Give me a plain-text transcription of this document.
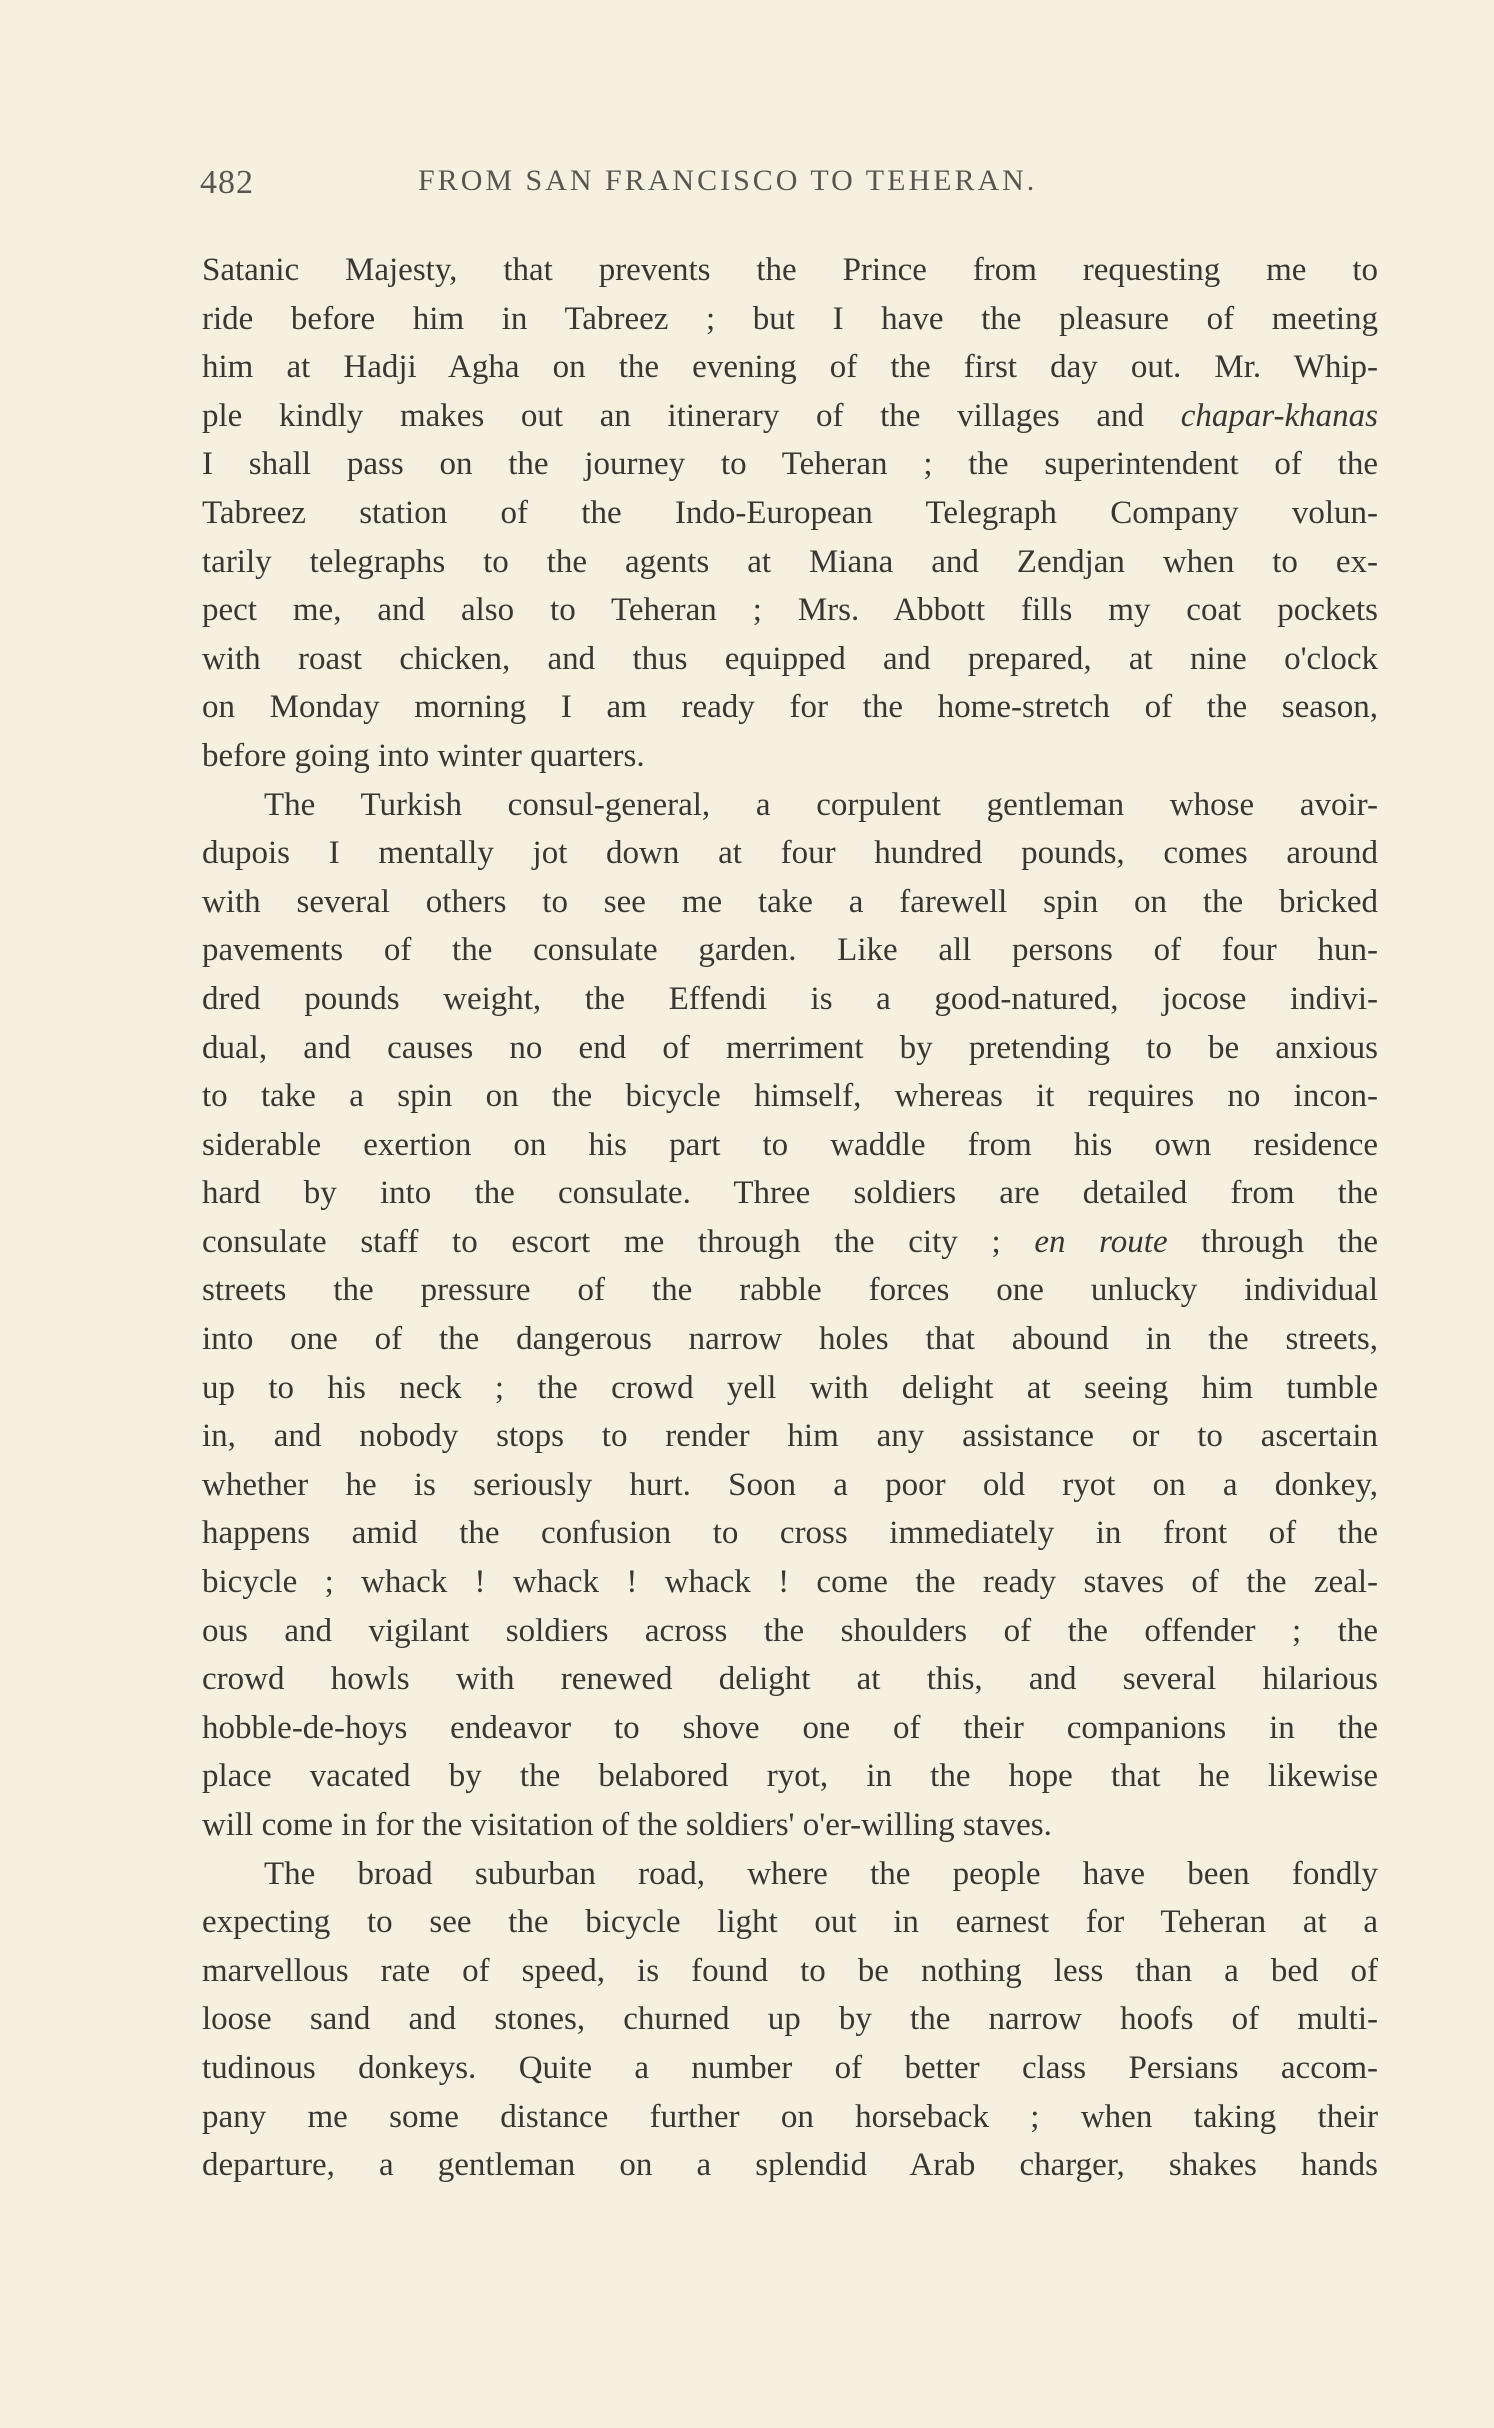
482	FROM SAN FRANCISCO TO TEHERAN.
Satanic Majesty, that prevents the Prince from requesting me to
ride before him in Tabreez ; but I have the pleasure of meeting
him at Hadji Agha on the evening of the first day out. Mr. Whip-
ple kindly makes out an itinerary of the villages and chapar-khanas
I shall pass on the journey to Teheran ; the superintendent of the
Tabreez station of the Indo-European Telegraph Company volun-
tarily telegraphs to the agents at Miana and Zendjan when to ex-
pect me, and also to Teheran ; Mrs. Abbott fills my coat pockets
with roast chicken, and thus equipped and prepared, at nine o'clock
on Monday morning I am ready for the home-stretch of the season,
before going into winter quarters.
The Turkish consul-general, a corpulent gentleman whose avoir-
dupois I mentally jot down at four hundred pounds, comes around
with several others to see me take a farewell spin on the bricked
pavements of the consulate garden. Like all persons of four hun-
dred pounds weight, the Effendi is a good-natured, jocose indivi-
dual, and causes no end of merriment by pretending to be anxious
to take a spin on the bicycle himself, whereas it requires no incon-
siderable exertion on his part to waddle from his own residence
hard by into the consulate. Three soldiers are detailed from the
consulate staff to escort me through the city ; en route through the
streets the pressure of the rabble forces one unlucky individual
into one of the dangerous narrow holes that abound in the streets,
up to his neck ; the crowd yell with delight at seeing him tumble
in, and nobody stops to render him any assistance or to ascertain
whether he is seriously hurt. Soon a poor old ryot on a donkey,
happens amid the confusion to cross immediately in front of the
bicycle ; whack ! whack ! whack ! come the ready staves of the zeal-
ous and vigilant soldiers across the shoulders of the offender ; the
crowd howls with renewed delight at this, and several hilarious
hobble-de-hoys endeavor to shove one of their companions in the
place vacated by the belabored ryot, in the hope that he likewise
will come in for the visitation of the soldiers' o'er-willing staves.
The broad suburban road, where the people have been fondly
expecting to see the bicycle light out in earnest for Teheran at a
marvellous rate of speed, is found to be nothing less than a bed of
loose sand and stones, churned up by the narrow hoofs of multi-
tudinous donkeys. Quite a number of better class Persians accom-
pany me some distance further on horseback ; when taking their
departure, a gentleman on a splendid Arab charger, shakes hands
